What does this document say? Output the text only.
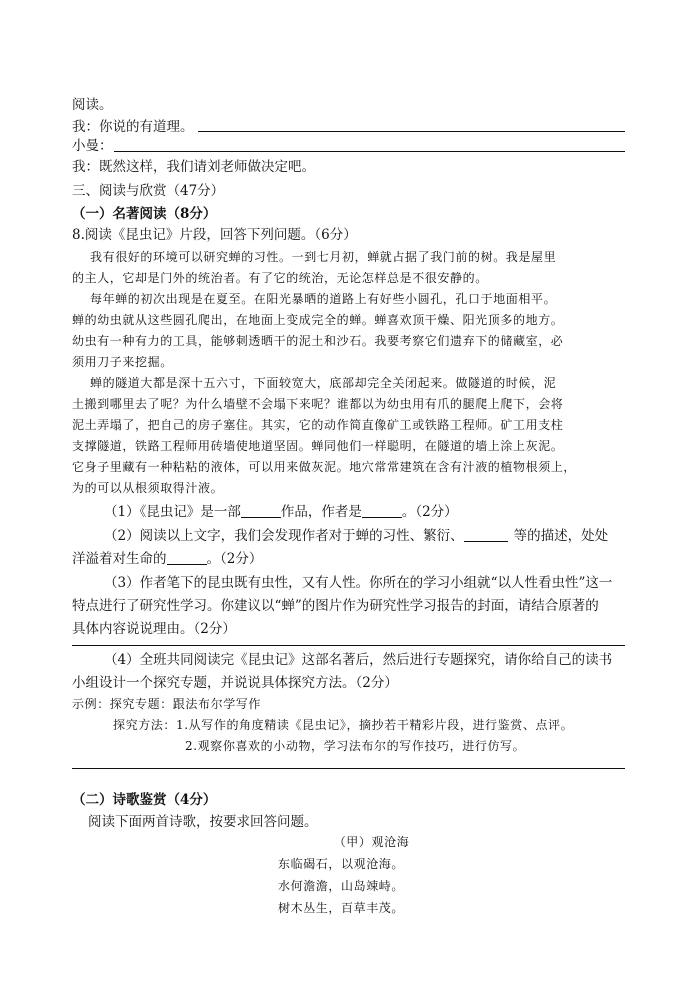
阅读。
我：你说的有道理。
小曼：
我：既然这样，我们请刘老师做决定吧。
三、阅读与欣赏（47分）
（一）名著阅读（8分）
8.阅读《昆虫记》片段，回答下列问题。（6分）
我有很好的环境可以研究蝉的习性。一到七月初，蝉就占据了我门前的树。我是屋里
的主人，它却是门外的统治者。有了它的统治，无论怎样总是不很安静的。
每年蝉的初次出现是在夏至。在阳光暴晒的道路上有好些小圆孔，孔口于地面相平。
蝉的幼虫就从这些圆孔爬出，在地面上变成完全的蝉。蝉喜欢顶干燥、阳光顶多的地方。
幼虫有一种有力的工具，能够刺透晒干的泥土和沙石。我要考察它们遗弃下的储藏室，必
须用刀子来挖掘。
蝉的隧道大都是深十五六寸，下面较宽大，底部却完全关闭起来。做隧道的时候，泥
土搬到哪里去了呢？为什么墙壁不会塌下来呢？谁都以为幼虫用有爪的腿爬上爬下，会将
泥土弄塌了，把自己的房子塞住。其实，它的动作简直像矿工或铁路工程师。矿工用支柱
支撑隧道，铁路工程师用砖墙使地道坚固。蝉同他们一样聪明，在隧道的墙上涂上灰泥。
它身子里藏有一种粘粘的液体，可以用来做灰泥。地穴常常建筑在含有汁液的植物根须上，
为的可以从根须取得汁液。
（1）《昆虫记》是一部	作品，作者是	。（2分）
（2）阅读以上文字，我们会发现作者对于蝉的习性、繁衍、	等的描述，处处
洋溢着对生命的	。（2分）
（3）作者笔下的昆虫既有虫性，又有人性。你所在的学习小组就“以人性看虫性”这一
特点进行了研究性学习。你建议以“蝉”的图片作为研究性学习报告的封面，请结合原著的
具体内容说说理由。（2分）
（4）全班共同阅读完《昆虫记》这部名著后，然后进行专题探究，请你给自己的读书
小组设计一个探究专题，并说说具体探究方法。（2分）
示例：探究专题：跟法布尔学写作
探究方法：1.从写作的角度精读《昆虫记》，摘抄若干精彩片段，进行鉴赏、点评。
2.观察你喜欢的小动物，学习法布尔的写作技巧，进行仿写。
（二）诗歌鉴赏（4分）
阅读下面两首诗歌，按要求回答问题。
（甲）观沧海
东临碣石，以观沧海。
水何澹澹，山岛竦峙。
树木丛生，百草丰茂。
